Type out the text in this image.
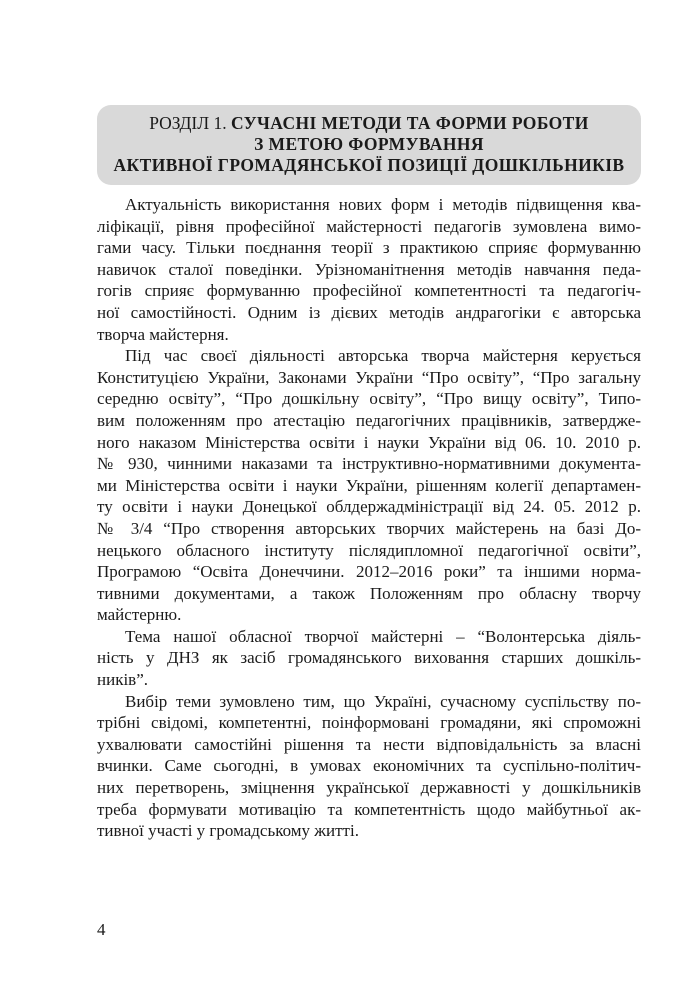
РОЗДІЛ 1. СУЧАСНІ МЕТОДИ ТА ФОРМИ РОБОТИ
З МЕТОЮ ФОРМУВАННЯ
АКТИВНОЇ ГРОМАДЯНСЬКОЇ ПОЗИЦІЇ ДОШКІЛЬНИКІВ

Актуальність використання нових форм і методів підвищення ква-
ліфікації, рівня професійної майстерності педагогів зумовлена вимо-
гами часу. Тільки поєднання теорії з практикою сприяє формуванню
навичок сталої поведінки. Урізноманітнення методів навчання педа-
гогів сприяє формуванню професійної компетентності та педагогіч-
ної самостійності. Одним із дієвих методів андрагогіки є авторська
творча майстерня.

Під час своєї діяльності авторська творча майстерня керується
Конституцією України, Законами України “Про освіту”, “Про загальну
середню освіту”, “Про дошкільну освіту”, “Про вищу освіту”, Типо-
вим положенням про атестацію педагогічних працівників, затвердже-
ного наказом Міністерства освіти і науки України від 06. 10. 2010 р.
№ 930, чинними наказами та інструктивно-нормативними документа-
ми Міністерства освіти і науки України, рішенням колегії департамен-
ту освіти і науки Донецької облдержадміністрації від 24. 05. 2012 р.
№ 3/4 “Про створення авторських творчих майстерень на базі До-
нецького обласного інституту післядипломної педагогічної освіти”,
Програмою “Освіта Донеччини. 2012–2016 роки” та іншими норма-
тивними документами, а також Положенням про обласну творчу
майстерню.

Тема нашої обласної творчої майстерні – “Волонтерська діяль-
ність у ДНЗ як засіб громадянського виховання старших дошкіль-
ників”.

Вибір теми зумовлено тим, що Україні, сучасному суспільству по-
трібні свідомі, компетентні, поінформовані громадяни, які спроможні
ухвалювати самостійні рішення та нести відповідальність за власні
вчинки. Саме сьогодні, в умовах економічних та суспільно-політич-
них перетворень, зміцнення української державності у дошкільників
треба формувати мотивацію та компетентність щодо майбутньої ак-
тивної участі у громадському житті.

4
